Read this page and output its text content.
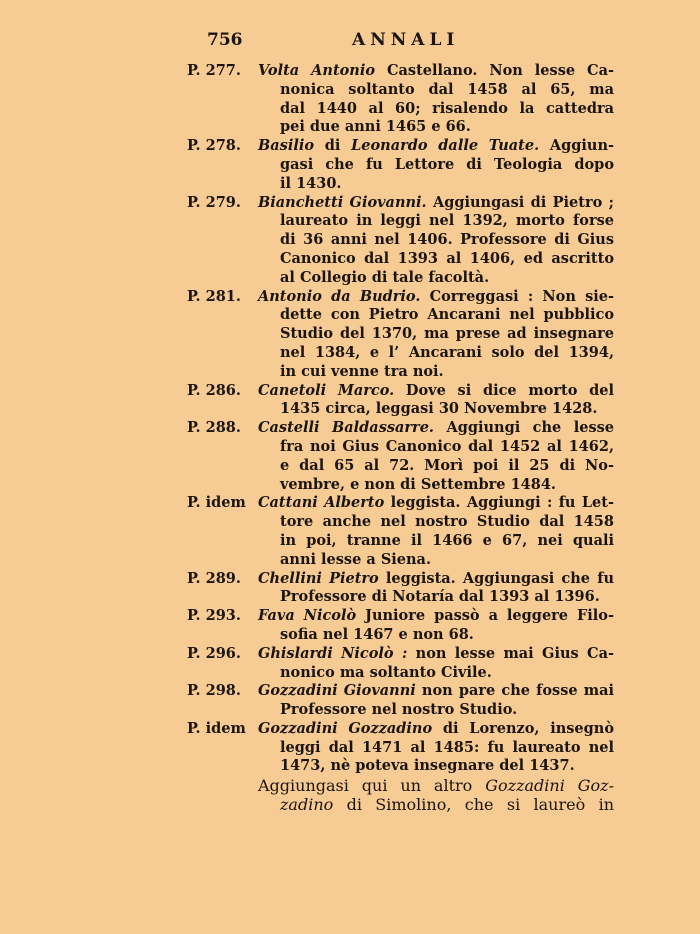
756	ANNALI
P. 277. Volta Antonio Castellano. Non lesse Ca-
nonica soltanto dal 1458 al 65, ma
dal 1440 al 60; risalendo la cattedra
pei due anni 1465 e 66.
P. 278. Basilio di Leonardo dalle Tuate. Aggiun-
gasi che fu Lettore di Teologia dopo
il 1430.
P. 279. Bianchetti Giovanni. Aggiungasi di Pietro ;
laureato in leggi nel 1392, morto forse
di 36 anni nel 1406. Professore di Gius
Canonico dal 1393 al 1406, ed ascritto
al Collegio di tale facoltà.
P. 281. Antonio da Budrio. Correggasi : Non sie-
dette con Pietro Ancarani nel pubblico
Studio del 1370, ma prese ad insegnare
nel 1384, e l’ Ancarani solo del 1394,
in cui venne tra noi.
P. 286. Canetoli Marco. Dove si dice morto del
1435 circa, leggasi 30 Novembre 1428.
P. 288. Castelli Baldassarre. Aggiungi che lesse
fra noi Gius Canonico dal 1452 al 1462,
e dal 65 al 72. Morì poi il 25 di No-
vembre, e non di Settembre 1484.
P. idem Cattani Alberto leggista. Aggiungi : fu Let-
tore anche nel nostro Studio dal 1458
in poi, tranne il 1466 e 67, nei quali
anni lesse a Siena.
P. 289. Chellini Pietro leggista. Aggiungasi che fu
Professore di Notaría dal 1393 al 1396.
P. 293. Fava Nicolò Juniore passò a leggere Filo-
sofia nel 1467 e non 68.
P. 296. Ghislardi Nicolò : non lesse mai Gius Ca-
nonico ma soltanto Civile.
P. 298. Gozzadini Giovanni non pare che fosse mai
Professore nel nostro Studio.
P. idem Gozzadini Gozzadino di Lorenzo, insegnò
leggi dal 1471 al 1485: fu laureato nel
1473, nè poteva insegnare del 1437.
Aggiungasi qui un altro Gozzadini Goz-
zadino di Simolino, che si laureò in
